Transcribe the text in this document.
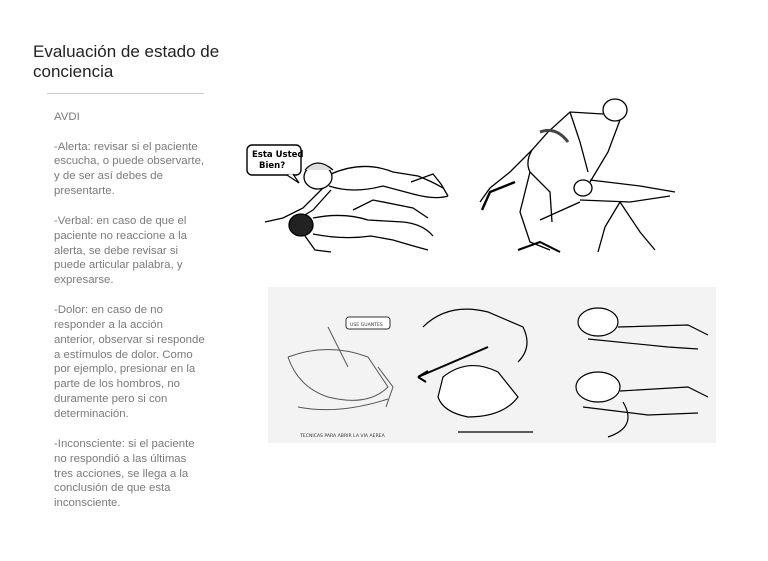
Evaluación de estado de conciencia

AVDI

-Alerta: revisar si el paciente escucha, o puede observarte, y de ser así debes de presentarte.

-Verbal: en caso de que el paciente no reaccione a la alerta, se debe revisar si puede articular palabra, y expresarse.

-Dolor: en caso de no responder a la acción anterior, observar si responde a estímulos de dolor. Como por ejemplo, presionar en la parte de los hombros, no duramente pero si con determinación.

-Inconsciente: si el paciente no respondió a las últimas tres acciones, se llega a la conclusión de que esta inconsciente.

Esta Usted
Bien?
USE GUANTES
TECNICAS PARA ABRIR LA VIA AEREA
